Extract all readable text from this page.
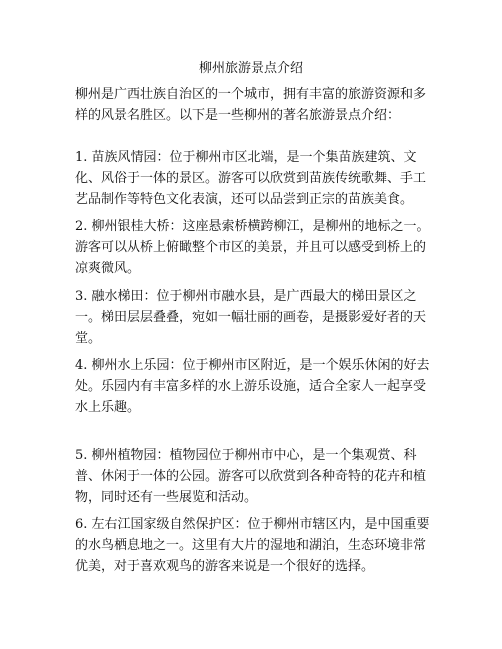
柳州旅游景点介绍

柳州是广西壮族自治区的一个城市，拥有丰富的旅游资源和多样的风景名胜区。以下是一些柳州的著名旅游景点介绍：

1. 苗族风情园：位于柳州市区北端，是一个集苗族建筑、文化、风俗于一体的景区。游客可以欣赏到苗族传统歌舞、手工艺品制作等特色文化表演，还可以品尝到正宗的苗族美食。

2. 柳州银桂大桥：这座悬索桥横跨柳江，是柳州的地标之一。游客可以从桥上俯瞰整个市区的美景，并且可以感受到桥上的凉爽微风。

3. 融水梯田：位于柳州市融水县，是广西最大的梯田景区之一。梯田层层叠叠，宛如一幅壮丽的画卷，是摄影爱好者的天堂。

4. 柳州水上乐园：位于柳州市区附近，是一个娱乐休闲的好去处。乐园内有丰富多样的水上游乐设施，适合全家人一起享受水上乐趣。

5. 柳州植物园：植物园位于柳州市中心，是一个集观赏、科普、休闲于一体的公园。游客可以欣赏到各种奇特的花卉和植物，同时还有一些展览和活动。

6. 左右江国家级自然保护区：位于柳州市辖区内，是中国重要的水鸟栖息地之一。这里有大片的湿地和湖泊，生态环境非常优美，对于喜欢观鸟的游客来说是一个很好的选择。
